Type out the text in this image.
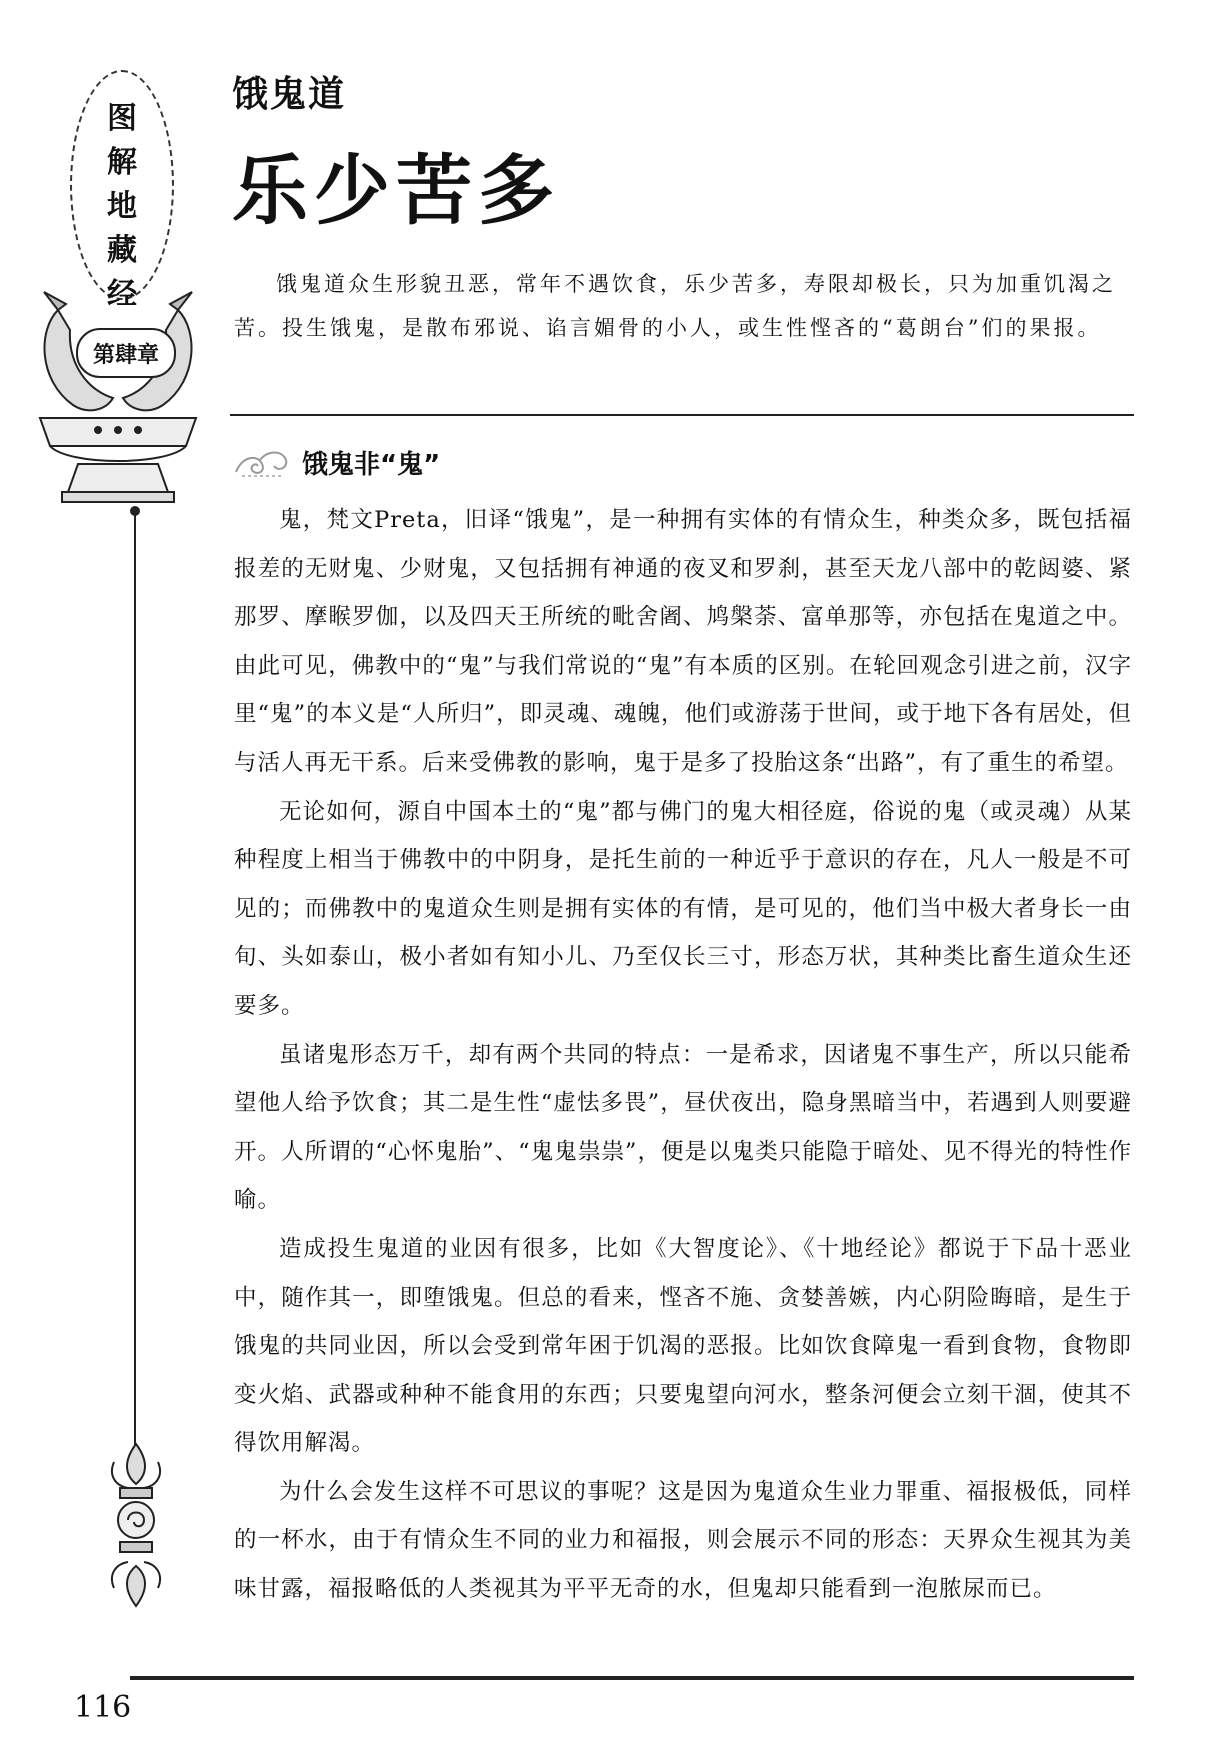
图
解
地
藏
经
第肆章
饿鬼道
乐少苦多

饿鬼道众生形貌丑恶，常年不遇饮食，乐少苦多，寿限却极长，只为加重饥渴之苦。投生饿鬼，是散布邪说、谄言媚骨的小人，或生性悭吝的“葛朗台”们的果报。

饿鬼非“鬼”

鬼，梵文Preta，旧译“饿鬼”，是一种拥有实体的有情众生，种类众多，既包括福报差的无财鬼、少财鬼，又包括拥有神通的夜叉和罗刹，甚至天龙八部中的乾闼婆、紧那罗、摩睺罗伽，以及四天王所统的毗舍阇、鸠槃荼、富单那等，亦包括在鬼道之中。由此可见，佛教中的“鬼”与我们常说的“鬼”有本质的区别。在轮回观念引进之前，汉字里“鬼”的本义是“人所归”，即灵魂、魂魄，他们或游荡于世间，或于地下各有居处，但与活人再无干系。后来受佛教的影响，鬼于是多了投胎这条“出路”，有了重生的希望。

无论如何，源自中国本土的“鬼”都与佛门的鬼大相径庭，俗说的鬼（或灵魂）从某种程度上相当于佛教中的中阴身，是托生前的一种近乎于意识的存在，凡人一般是不可见的；而佛教中的鬼道众生则是拥有实体的有情，是可见的，他们当中极大者身长一由旬、头如泰山，极小者如有知小儿、乃至仅长三寸，形态万状，其种类比畜生道众生还要多。

虽诸鬼形态万千，却有两个共同的特点：一是希求，因诸鬼不事生产，所以只能希望他人给予饮食；其二是生性“虚怯多畏”，昼伏夜出，隐身黑暗当中，若遇到人则要避开。人所谓的“心怀鬼胎”、“鬼鬼祟祟”，便是以鬼类只能隐于暗处、见不得光的特性作喻。

造成投生鬼道的业因有很多，比如《大智度论》、《十地经论》都说于下品十恶业中，随作其一，即堕饿鬼。但总的看来，悭吝不施、贪婪善嫉，内心阴险晦暗，是生于饿鬼的共同业因，所以会受到常年困于饥渴的恶报。比如饮食障鬼一看到食物，食物即变火焰、武器或种种不能食用的东西；只要鬼望向河水，整条河便会立刻干涸，使其不得饮用解渴。

为什么会发生这样不可思议的事呢？这是因为鬼道众生业力罪重、福报极低，同样的一杯水，由于有情众生不同的业力和福报，则会展示不同的形态：天界众生视其为美味甘露，福报略低的人类视其为平平无奇的水，但鬼却只能看到一泡脓尿而已。

116
